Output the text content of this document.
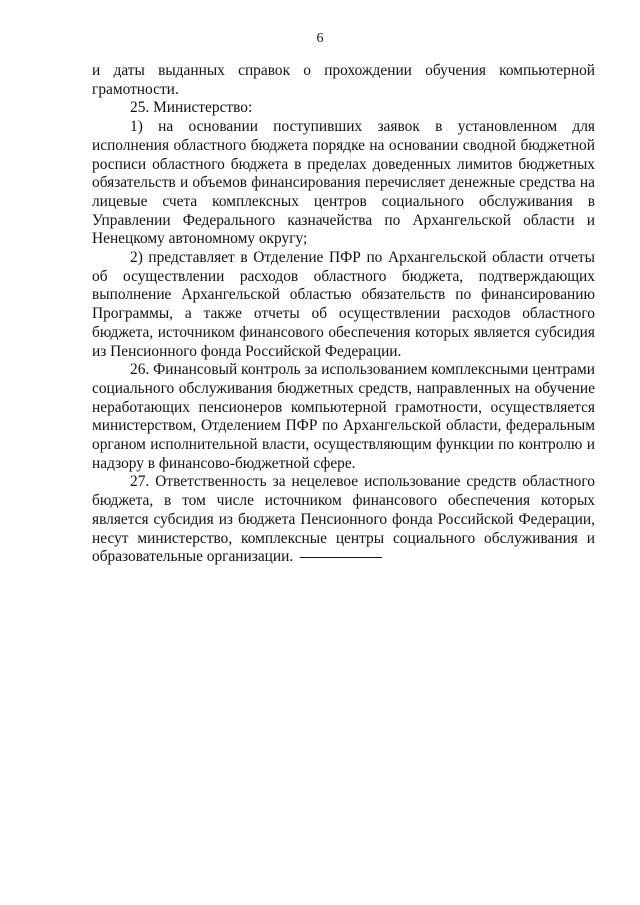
6

и даты выданных справок о прохождении обучения компьютерной грамотности.

25. Министерство:

1) на основании поступивших заявок в установленном для исполнения областного бюджета порядке на основании сводной бюджетной росписи областного бюджета в пределах доведенных лимитов бюджетных обязательств и объемов финансирования перечисляет денежные средства на лицевые счета комплексных центров социального обслуживания в Управлении Федерального казначейства по Архангельской области и Ненецкому автономному округу;

2) представляет в Отделение ПФР по Архангельской области отчеты об осуществлении расходов областного бюджета, подтверждающих выполнение Архангельской областью обязательств по финансированию Программы, а также отчеты об осуществлении расходов областного бюджета, источником финансового обеспечения которых является субсидия из Пенсионного фонда Российской Федерации.

26. Финансовый контроль за использованием комплексными центрами социального обслуживания бюджетных средств, направленных на обучение неработающих пенсионеров компьютерной грамотности, осуществляется министерством, Отделением ПФР по Архангельской области, федеральным органом исполнительной власти, осуществляющим функции по контролю и надзору в финансово-бюджетной сфере.

27. Ответственность за нецелевое использование средств областного бюджета, в том числе источником финансового обеспечения которых является субсидия из бюджета Пенсионного фонда Российской Федерации, несут министерство, комплексные центры социального обслуживания и образовательные организации.
